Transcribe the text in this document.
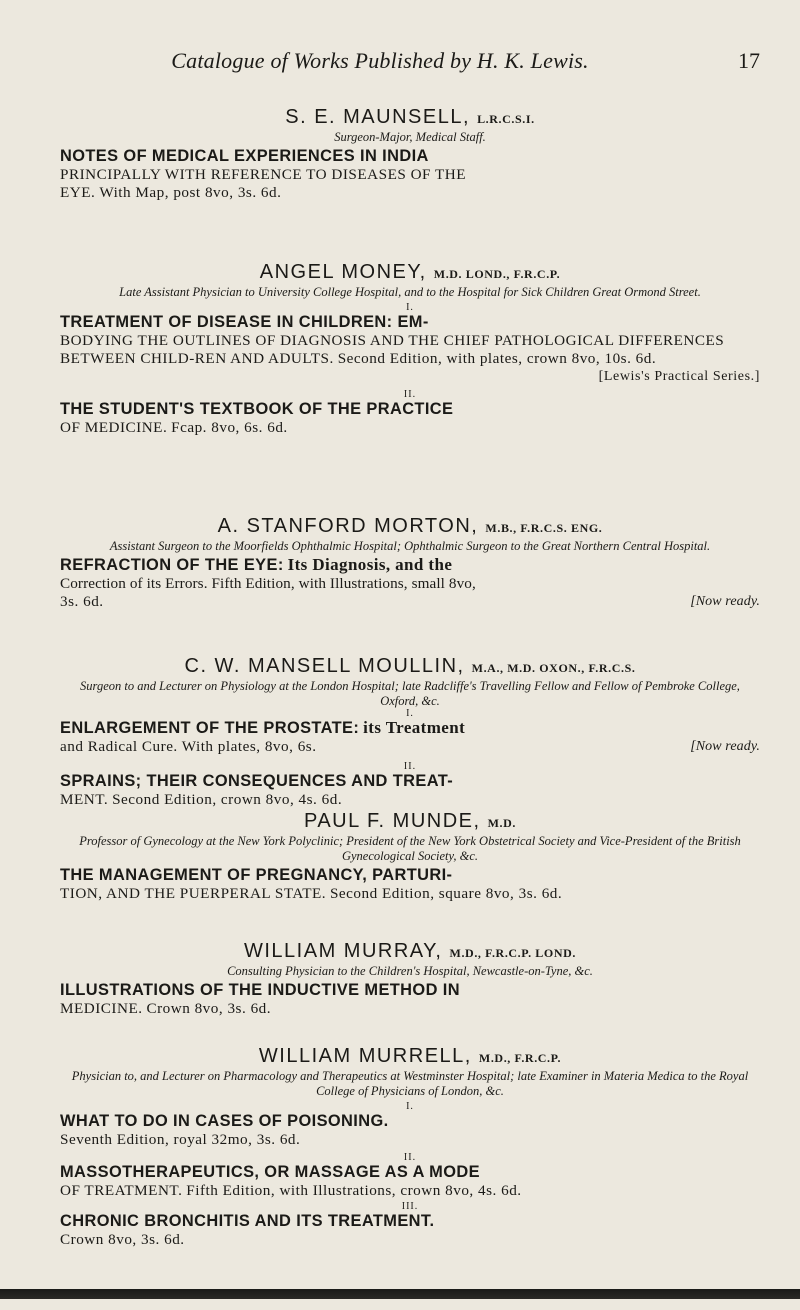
Catalogue of Works Published by H. K. Lewis.	17
S. E. MAUNSELL, L.R.C.S.I.
Surgeon-Major, Medical Staff.
NOTES OF MEDICAL EXPERIENCES IN INDIA
PRINCIPALLY WITH REFERENCE TO DISEASES OF THE
EYE. With Map, post 8vo, 3s. 6d.
ANGEL MONEY, M.D. LOND., F.R.C.P.
Late Assistant Physician to University College Hospital, and to the Hospital for Sick Children Great Ormond Street.
I.
TREATMENT OF DISEASE IN CHILDREN: EM-
BODYING THE OUTLINES OF DIAGNOSIS AND THE CHIEF PATHOLOGICAL DIFFERENCES BETWEEN CHILD-REN AND ADULTS. Second Edition, with plates, crown 8vo, 10s. 6d.

[Lewis's Practical Series.]
II.
THE STUDENT'S TEXTBOOK OF THE PRACTICE
OF MEDICINE. Fcap. 8vo, 6s. 6d.
A. STANFORD MORTON, M.B., F.R.C.S. ENG.
Assistant Surgeon to the Moorfields Ophthalmic Hospital; Ophthalmic Surgeon to the Great Northern Central Hospital.
REFRACTION OF THE EYE: Its Diagnosis, and the
Correction of its Errors. Fifth Edition, with Illustrations, small 8vo,
3s. 6d.	[Now ready.
C. W. MANSELL MOULLIN, M.A., M.D. OXON., F.R.C.S.
Surgeon to and Lecturer on Physiology at the London Hospital; late Radcliffe's Travelling Fellow and Fellow of Pembroke College, Oxford, &c.
I.
ENLARGEMENT OF THE PROSTATE: its Treatment
and Radical Cure. With plates, 8vo, 6s.	[Now ready.
II.
SPRAINS; THEIR CONSEQUENCES AND TREAT-
MENT. Second Edition, crown 8vo, 4s. 6d.
PAUL F. MUNDE, M.D.
Professor of Gynecology at the New York Polyclinic; President of the New York Obstetrical Society and Vice-President of the British Gynecological Society, &c.
THE MANAGEMENT OF PREGNANCY, PARTURI-
TION, AND THE PUERPERAL STATE. Second Edition, square 8vo, 3s. 6d.
WILLIAM MURRAY, M.D., F.R.C.P. LOND.
Consulting Physician to the Children's Hospital, Newcastle-on-Tyne, &c.
ILLUSTRATIONS OF THE INDUCTIVE METHOD IN
MEDICINE. Crown 8vo, 3s. 6d.
WILLIAM MURRELL, M.D., F.R.C.P.
Physician to, and Lecturer on Pharmacology and Therapeutics at Westminster Hospital; late Examiner in Materia Medica to the Royal College of Physicians of London, &c.
I.
WHAT TO DO IN CASES OF POISONING.
Seventh Edition, royal 32mo, 3s. 6d.
II.
MASSOTHERAPEUTICS, OR MASSAGE AS A MODE
OF TREATMENT. Fifth Edition, with Illustrations, crown 8vo, 4s. 6d.
III.
CHRONIC BRONCHITIS AND ITS TREATMENT.
Crown 8vo, 3s. 6d.
